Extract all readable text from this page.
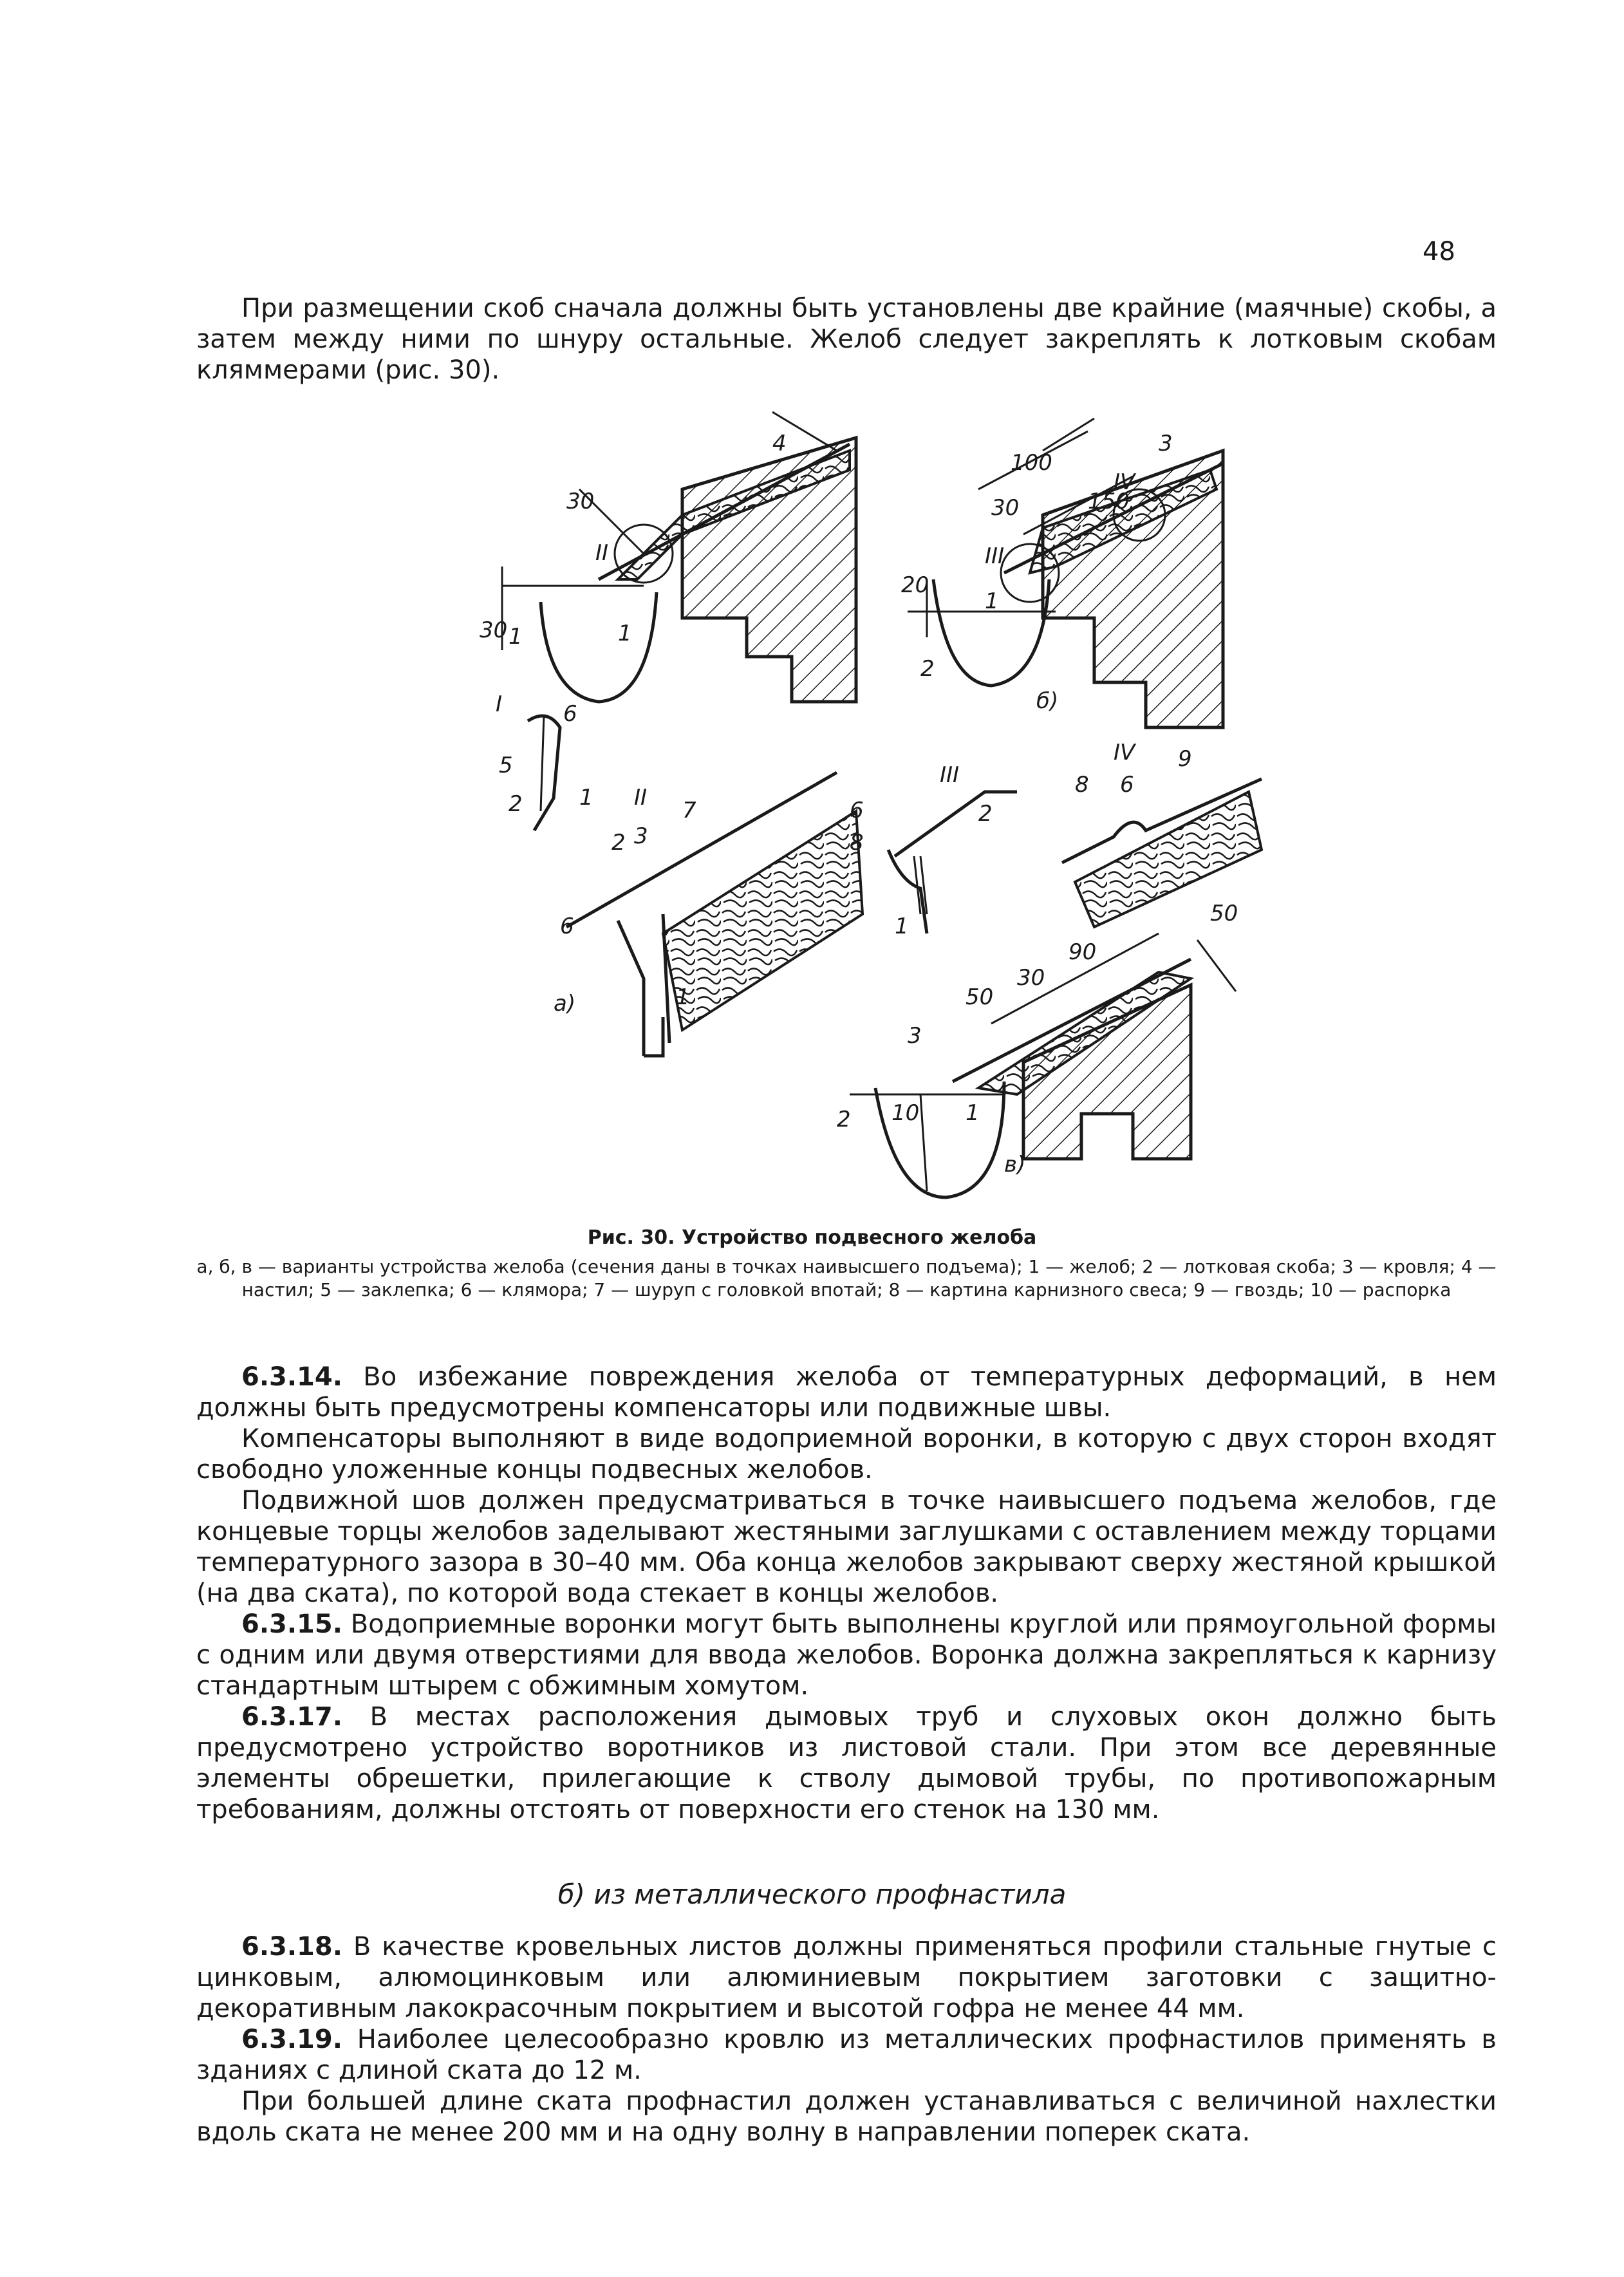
48

При размещении скоб сначала должны быть установлены две крайние (маячные) скобы, а затем между ними по шнуру остальные. Желоб следует закреплять к лотковым скобам кляммерами (рис. 30).

30
30
4
II
1	1
I	6
5
2	1 II 7
3
2
6
1
а)
100
150
30
20
3
IV
III
1
2
б)
III
6
8
2
1
IV 9
8 6
50
30
90
50
3
2 10 1
в)
Рис. 30. Устройство подвесного желоба
а, б, в — варианты устройства желоба (сечения даны в точках наивысшего подъема); 1 — желоб; 2 — лотковая скоба; 3 — кровля; 4 — настил; 5 — заклепка; 6 — клямора; 7 — шуруп с головкой впотай; 8 — картина карнизного свеса; 9 — гвоздь; 10 — распорка

6.3.14. Во избежание повреждения желоба от температурных деформаций, в нем должны быть предусмотрены компенсаторы или подвижные швы.

Компенсаторы выполняют в виде водоприемной воронки, в которую с двух сторон входят свободно уложенные концы подвесных желобов.

Подвижной шов должен предусматриваться в точке наивысшего подъема желобов, где концевые торцы желобов заделывают жестяными заглушками с оставлением между торцами температурного зазора в 30–40 мм. Оба конца желобов закрывают сверху жестяной крышкой (на два ската), по которой вода стекает в концы желобов.

6.3.15. Водоприемные воронки могут быть выполнены круглой или прямоугольной формы с одним или двумя отверстиями для ввода желобов. Воронка должна закрепляться к карнизу стандартным штырем с обжимным хомутом.

6.3.17. В местах расположения дымовых труб и слуховых окон должно быть предусмотрено устройство воротников из листовой стали. При этом все деревянные элементы обрешетки, прилегающие к стволу дымовой трубы, по противопожарным требованиям, должны отстоять от поверхности его стенок на 130 мм.

б) из металлического профнастила

6.3.18. В качестве кровельных листов должны применяться профили стальные гнутые с цинковым, алюмоцинковым или алюминиевым покрытием заготовки с защитно-декоративным лакокрасочным покрытием и высотой гофра не менее 44 мм.

6.3.19. Наиболее целесообразно кровлю из металлических профнастилов применять в зданиях с длиной ската до 12 м.

При большей длине ската профнастил должен устанавливаться с величиной нахлестки вдоль ската не менее 200 мм и на одну волну в направлении поперек ската.
